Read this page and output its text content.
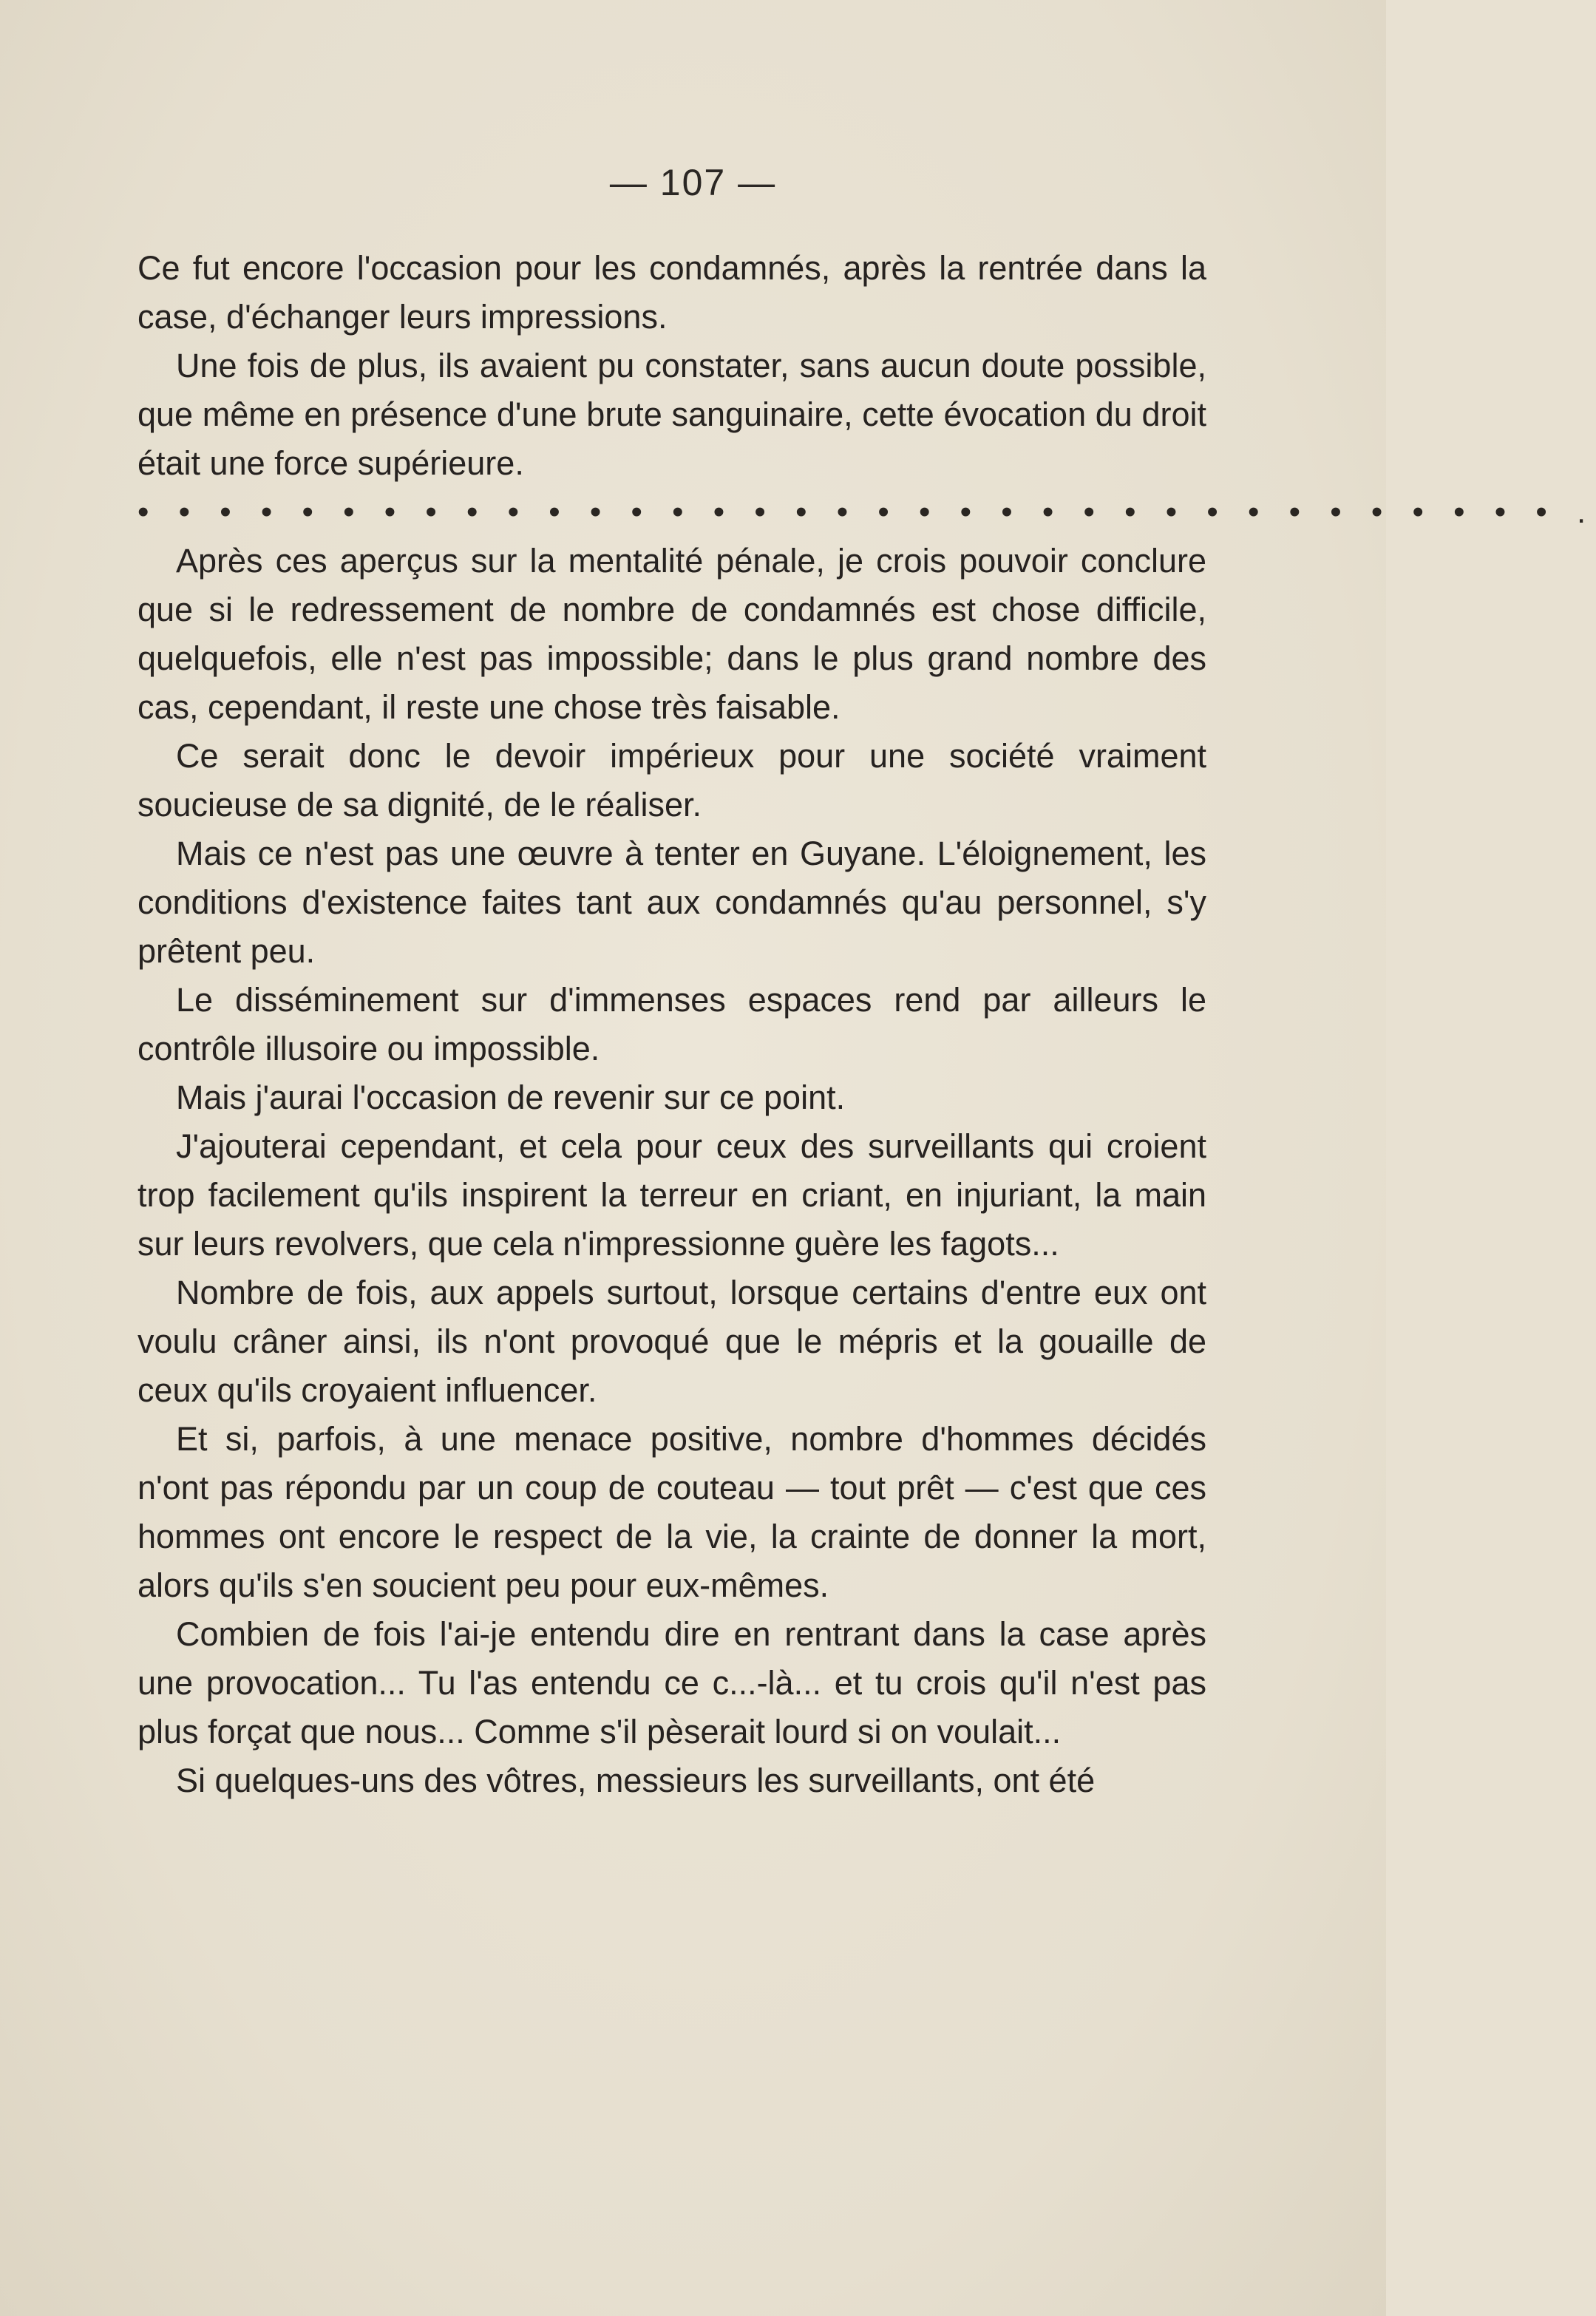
— 107 —

Ce fut encore l'occasion pour les condamnés, après la rentrée dans la case, d'échanger leurs impressions.

Une fois de plus, ils avaient pu constater, sans aucun doute possible, que même en présence d'une brute sanguinaire, cette évocation du droit était une force supérieure.

• • • • • • • • • • • • • • • • • • • • • • • • • • • • • • • • • • • .

Après ces aperçus sur la mentalité pénale, je crois pouvoir conclure que si le redressement de nombre de condamnés est chose difficile, quelquefois, elle n'est pas impossible; dans le plus grand nombre des cas, cependant, il reste une chose très faisable.

Ce serait donc le devoir impérieux pour une société vraiment soucieuse de sa dignité, de le réaliser.

Mais ce n'est pas une œuvre à tenter en Guyane. L'éloignement, les conditions d'existence faites tant aux condamnés qu'au personnel, s'y prêtent peu.

Le disséminement sur d'immenses espaces rend par ailleurs le contrôle illusoire ou impossible.

Mais j'aurai l'occasion de revenir sur ce point.

J'ajouterai cependant, et cela pour ceux des surveillants qui croient trop facilement qu'ils inspirent la terreur en criant, en injuriant, la main sur leurs revolvers, que cela n'impressionne guère les fagots...

Nombre de fois, aux appels surtout, lorsque certains d'entre eux ont voulu crâner ainsi, ils n'ont provoqué que le mépris et la gouaille de ceux qu'ils croyaient influencer.

Et si, parfois, à une menace positive, nombre d'hommes décidés n'ont pas répondu par un coup de couteau — tout prêt — c'est que ces hommes ont encore le respect de la vie, la crainte de donner la mort, alors qu'ils s'en soucient peu pour eux-mêmes.

Combien de fois l'ai-je entendu dire en rentrant dans la case après une provocation... Tu l'as entendu ce c...-là... et tu crois qu'il n'est pas plus forçat que nous... Comme s'il pèserait lourd si on voulait...

Si quelques-uns des vôtres, messieurs les surveillants, ont été
